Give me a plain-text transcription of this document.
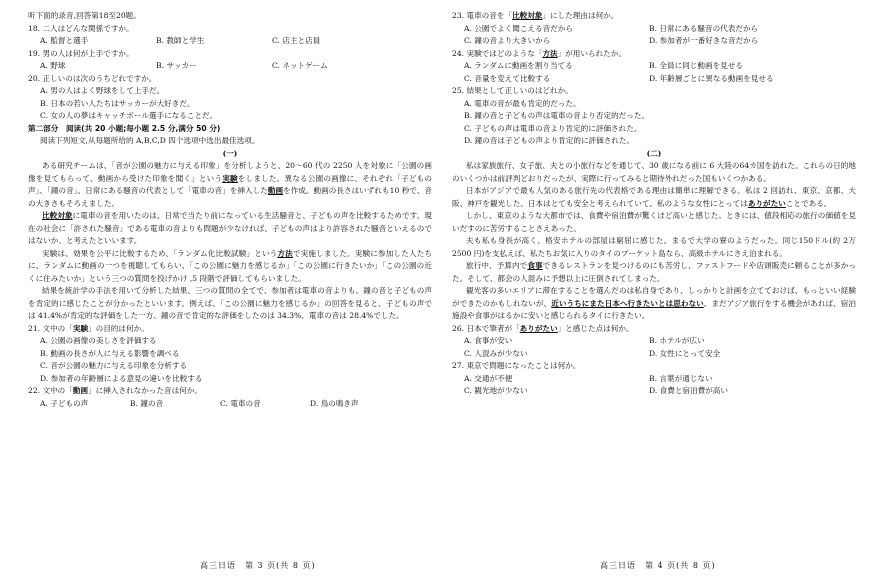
听下面的录音,回答第18至20题。
18. 二人はどんな関係ですか。
A. 監督と選手	B. 教師と学生	C. 店主と店員
19. 男の人は何が上手ですか。
A. 野球	B. サッカー	C. ネットゲーム
20. 正しいのは次のうちどれですか。
A. 男の人はよく野球をして上手だ。
B. 日本の若い人たちはサッカーが大好きだ。
C. 女の人の夢はキャッチボール選手になることだ。
第二部分　阅读(共 20 小题;每小题 2.5 分,满分 50 分)
阅读下列短文,从每题所给的 A,B,C,D 四个选项中选出最佳选项。
(一)
ある研究チームは、「音が公園の魅力に与える印象」を分析しようと、20～60 代の 2250 人を対象に「公園の画像を見てもらって、動画から受けた印象を聞く」という実験をしました。異なる公園の画像に、それぞれ「子どもの声」、「鐘の音」、日常にある騒音の代表として「電車の音」を挿入した動画を作成。動画の長さはいずれも10 秒で、音の大きさもそろえました。
比較対象に電車の音を用いたのは、日常で当たり前になっている生活騒音と、子どもの声を比較するためです。現在の社会に「許された騒音」である電車の音よりも問題が少なければ、子どもの声はより許容された騒音といえるのではないか、と考えたといいます。
実験は、効果を公平に比較するため、「ランダム化比較試験」という方法で実施しました。実験に参加した人たちに、ランダムに動画の一つを視聴してもらい、「この公園に魅力を感じるか」「この公園に行きたいか」「この公園の近くに住みたいか」という三つの質問を投げかけ ,5 段階で評価してもらいました。
結果を統計学の手法を用いて分析した結果、三つの質問の全てで、参加者は電車の音よりも、鐘の音と子どもの声を肯定的に感じたことが分かったといいます。例えば、「この公園に魅力を感じるか」の回答を見ると、子どもの声では 41.4%が肯定的な評価をした一方、鐘の音で肯定的な評価をしたのは 34.3%、電車の音は 28.4%でした。
21. 文中の「実験」の目的は何か。
A. 公園の画像の美しさを評価する
B. 動画の長さが人に与える影響を調べる
C. 音が公園の魅力に与える印象を分析する
D. 参加者の年齢層による意見の違いを比較する
22. 文中の「動画」に挿入されなかった音は何か。
A. 子どもの声	B. 鐘の音	C. 電車の音	D. 鳥の鳴き声
23. 電車の音を「比較対象」にした理由は何か。
A. 公園でよく聞こえる音だから	B. 日常にある騒音の代表だから
C. 鐘の音より大きいから	D. 参加者が一番好きな音だから
24. 実験ではどのような「方法」が用いられたか。
A. ランダムに動画を割り当てる	B. 全員に同じ動画を見せる
C. 音量を変えて比較する	D. 年齢層ごとに異なる動画を見せる
25. 結果として正しいのはどれか。
A. 電車の音が最も肯定的だった。
B. 鐘の音と子どもの声は電車の音より否定的だった。
C. 子どもの声は電車の音より肯定的に評価された。
D. 鐘の音は子どもの声より肯定的に評価された。
(二)
私は家族旅行、女子旅、夫との小旅行などを通じて、30 歳になる前に 6 大陸の64カ国を訪れた。これらの日的地のいくつかは前評判どおりだったが、実際に行ってみると期待外れだった国もいくつかある。
日本がアジアで最も人気のある旅行先の代表格である理由は簡単に理解できる。私は 2 回訪れ、東京、京都、大阪、神戸を観光した。日本はとても安全と考えられていて、私のような女性にとってはありがたいことである。
しかし、東京のような大都市では、食費や宿泊費が驚くほど高いと感じた。ときには、値段相応の旅行の価値を見いだすのに苦労することさえあった。
夫も私も身長が高く、格安ホテルの部屋は窮屈に感じた。まるで大学の寮のようだった。同じ150ドル(約 2万 2500 円)を支払えば、私たちお気に入りのタイのプーケット島なら、高級ホテルにさえ泊まれる。
旅行中、予算内で食事できるレストランを見つけるのにも苦労し、ファストフードや店頭販売に頼ることが多かった。そして、都会の人混みに予想以上に圧倒されてしまった。
観光客の多いエリアに滞在することを選んだのは私自身であり、しっかりと計画を立てておけば、もっといい経験ができたのかもしれないが、近いうちにまた日本へ行きたいとは思わない。まだアジア旅行をする機会があれば、宿泊施設や食事がはるかに安いと感じられるタイに行きたい。
26. 日本で筆者が「ありがたい」と感じた点は何か。
A. 食事が安い	B. ホテルが広い
C. 人混みが少ない	D. 女性にとって安全
27. 東京で問題になったことは何か。
A. 交通が不便	B. 言葉が通じない
C. 観光地が少ない	D. 食費と宿泊費が高い
高三日语　第 3 页(共 8 页)	高三日语　第 4 页(共 8 页)
